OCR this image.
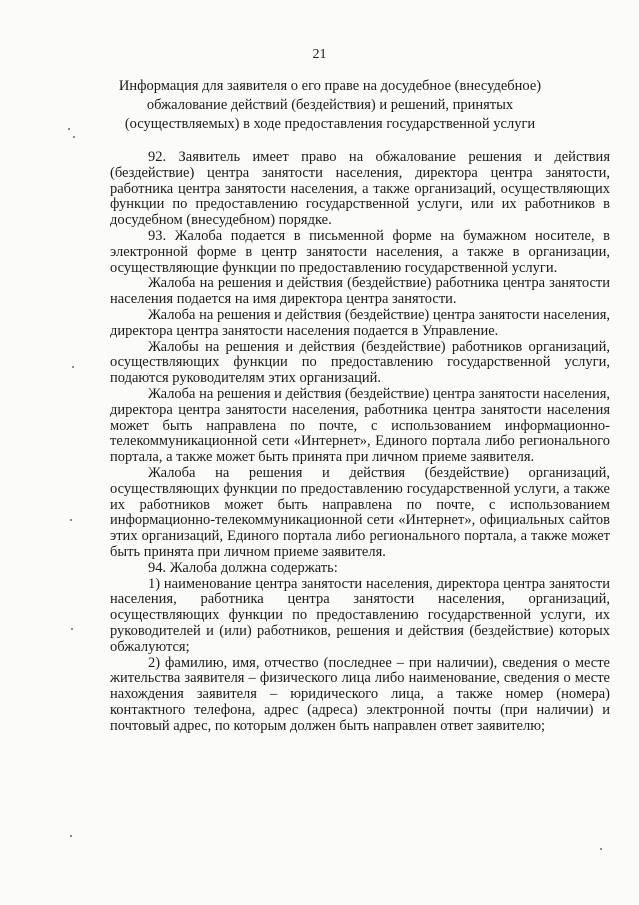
21
Информация для заявителя о его праве на досудебное (внесудебное) обжалование действий (бездействия) и решений, принятых (осуществляемых) в ходе предоставления государственной услуги

92. Заявитель имеет право на обжалование решения и действия (бездействие) центра занятости населения, директора центра занятости, работника центра занятости населения, а также организаций, осуществляющих функции по предоставлению государственной услуги, или их работников в досудебном (внесудебном) порядке.

93. Жалоба подается в письменной форме на бумажном носителе, в электронной форме в центр занятости населения, а также в организации, осуществляющие функции по предоставлению государственной услуги.

Жалоба на решения и действия (бездействие) работника центра занятости населения подается на имя директора центра занятости.

Жалоба на решения и действия (бездействие) центра занятости населения, директора центра занятости населения подается в Управление.

Жалобы на решения и действия (бездействие) работников организаций, осуществляющих функции по предоставлению государственной услуги, подаются руководителям этих организаций.

Жалоба на решения и действия (бездействие) центра занятости населения, директора центра занятости населения, работника центра занятости населения может быть направлена по почте, с использованием информационно-телекоммуникационной сети «Интернет», Единого портала либо регионального портала, а также может быть принята при личном приеме заявителя.

Жалоба на решения и действия (бездействие) организаций, осуществляющих функции по предоставлению государственной услуги, а также их работников может быть направлена по почте, с использованием информационно-телекоммуникационной сети «Интернет», официальных сайтов этих организаций, Единого портала либо регионального портала, а также может быть принята при личном приеме заявителя.

94. Жалоба должна содержать:

1) наименование центра занятости населения, директора центра занятости населения, работника центра занятости населения, организаций, осуществляющих функции по предоставлению государственной услуги, их руководителей и (или) работников, решения и действия (бездействие) которых обжалуются;

2) фамилию, имя, отчество (последнее – при наличии), сведения о месте жительства заявителя – физического лица либо наименование, сведения о месте нахождения заявителя – юридического лица, а также номер (номера) контактного телефона, адрес (адреса) электронной почты (при наличии) и почтовый адрес, по которым должен быть направлен ответ заявителю;
